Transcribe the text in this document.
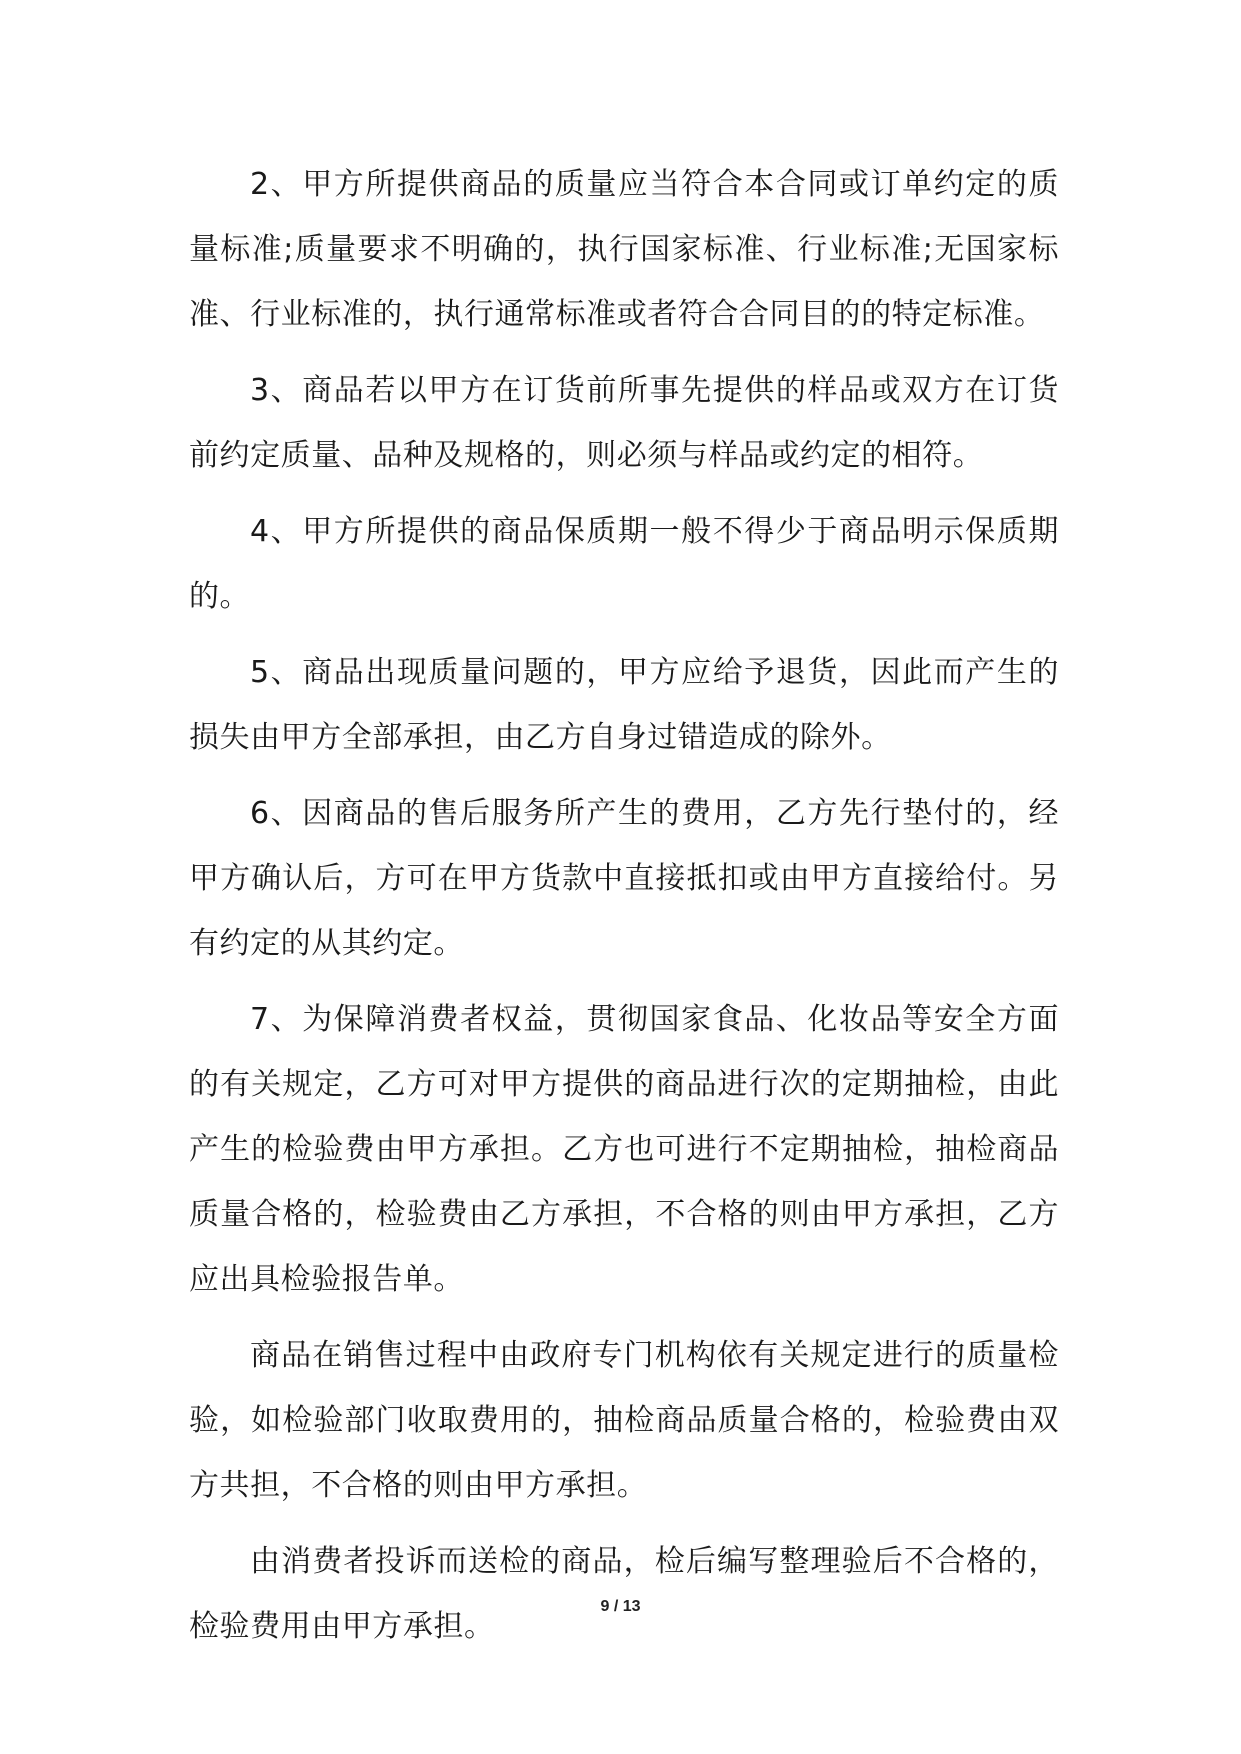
2、甲方所提供商品的质量应当符合本合同或订单约定的质量标准;质量要求不明确的，执行国家标准、行业标准;无国家标准、行业标准的，执行通常标准或者符合合同目的的特定标准。

3、商品若以甲方在订货前所事先提供的样品或双方在订货前约定质量、品种及规格的，则必须与样品或约定的相符。

4、甲方所提供的商品保质期一般不得少于商品明示保质期的。

5、商品出现质量问题的，甲方应给予退货，因此而产生的损失由甲方全部承担，由乙方自身过错造成的除外。

6、因商品的售后服务所产生的费用，乙方先行垫付的，经甲方确认后，方可在甲方货款中直接抵扣或由甲方直接给付。另有约定的从其约定。

7、为保障消费者权益，贯彻国家食品、化妆品等安全方面的有关规定，乙方可对甲方提供的商品进行次的定期抽检，由此产生的检验费由甲方承担。乙方也可进行不定期抽检，抽检商品质量合格的，检验费由乙方承担，不合格的则由甲方承担，乙方应出具检验报告单。

商品在销售过程中由政府专门机构依有关规定进行的质量检验，如检验部门收取费用的，抽检商品质量合格的，检验费由双方共担，不合格的则由甲方承担。

由消费者投诉而送检的商品，检后编写整理验后不合格的，检验费用由甲方承担。

9 / 13
